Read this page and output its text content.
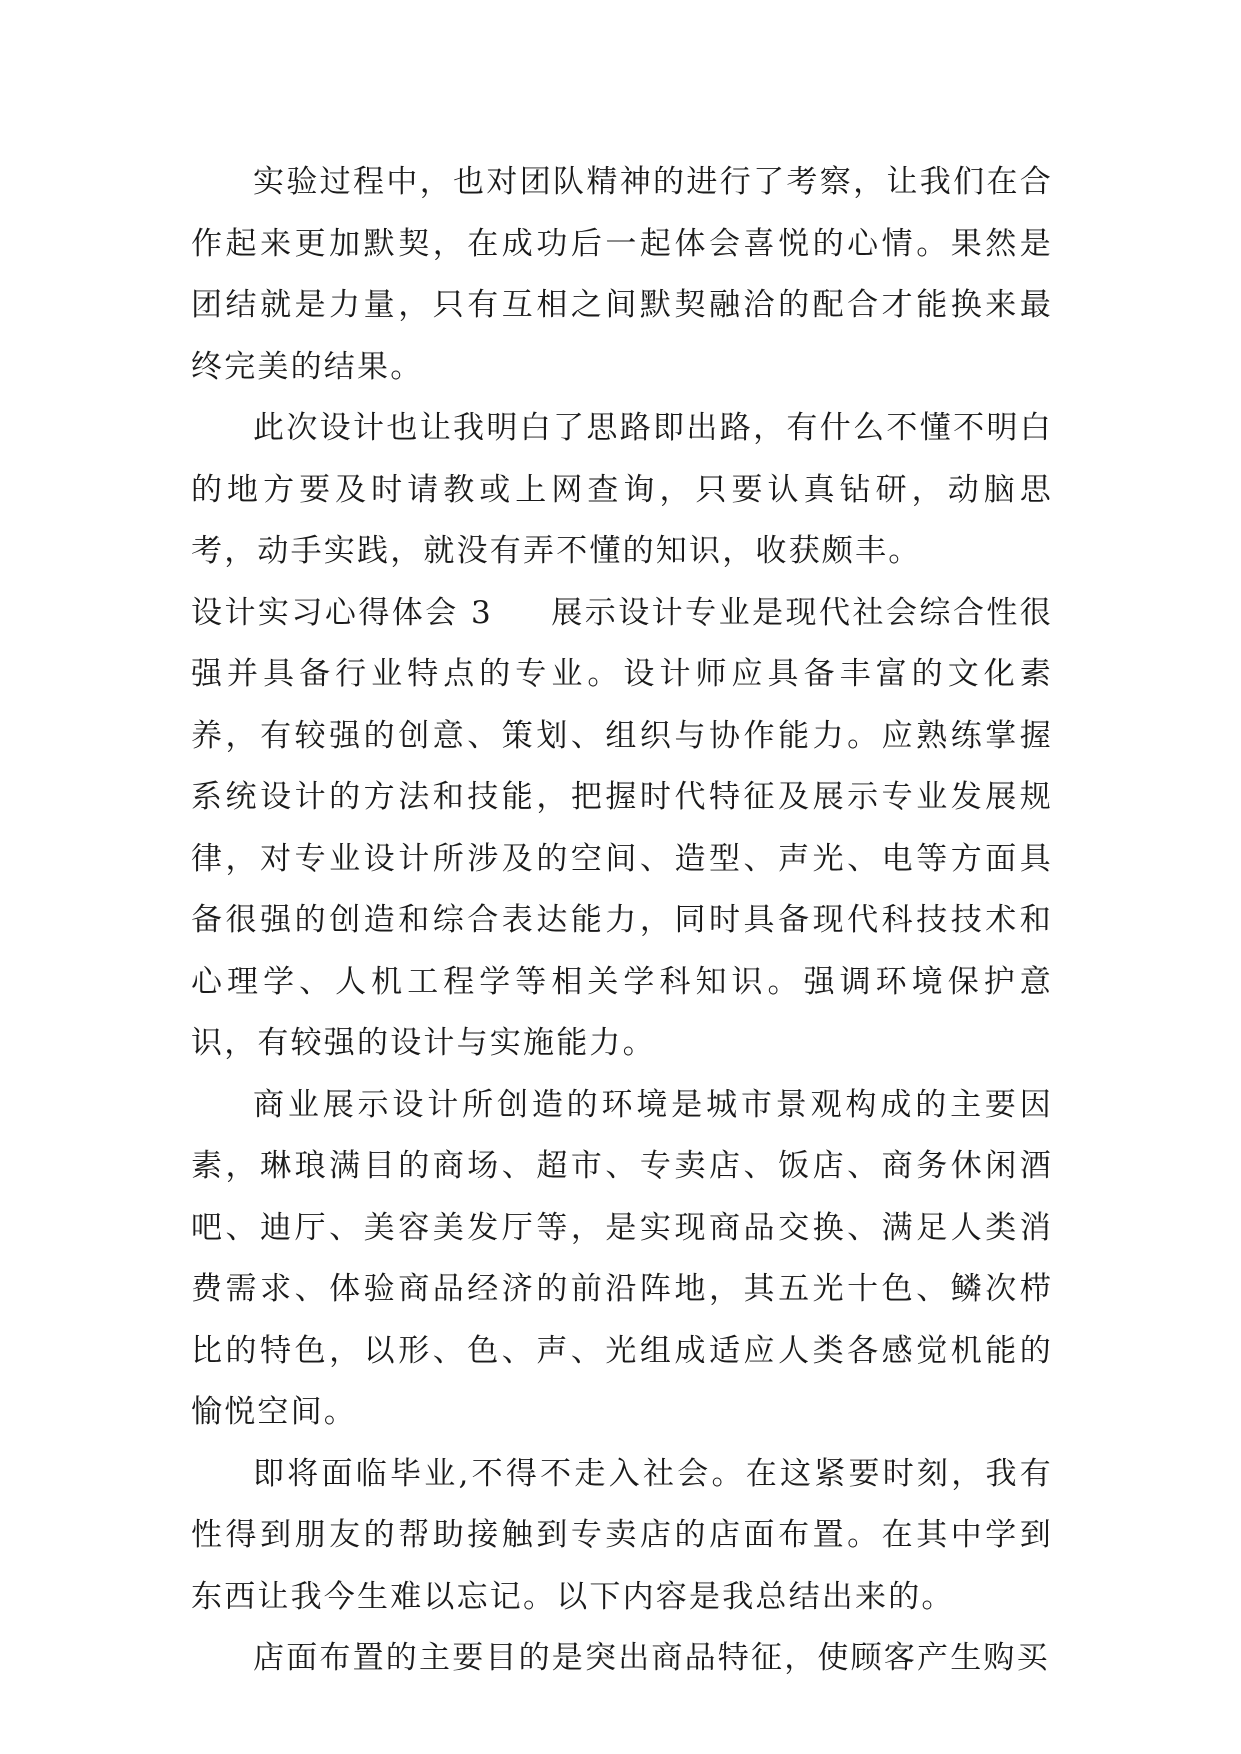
实验过程中，也对团队精神的进行了考察，让我们在合作起来更加默契，在成功后一起体会喜悦的心情。果然是团结就是力量，只有互相之间默契融洽的配合才能换来最终完美的结果。

此次设计也让我明白了思路即出路，有什么不懂不明白的地方要及时请教或上网查询，只要认真钻研，动脑思考，动手实践，就没有弄不懂的知识，收获颇丰。

设计实习心得体会 3 展示设计专业是现代社会综合性很强并具备行业特点的专业。设计师应具备丰富的文化素养，有较强的创意、策划、组织与协作能力。应熟练掌握系统设计的方法和技能，把握时代特征及展示专业发展规律，对专业设计所涉及的空间、造型、声光、电等方面具备很强的创造和综合表达能力，同时具备现代科技技术和心理学、人机工程学等相关学科知识。强调环境保护意识，有较强的设计与实施能力。

商业展示设计所创造的环境是城市景观构成的主要因素，琳琅满目的商场、超市、专卖店、饭店、商务休闲酒吧、迪厅、美容美发厅等，是实现商品交换、满足人类消费需求、体验商品经济的前沿阵地，其五光十色、鳞次栉比的特色，以形、色、声、光组成适应人类各感觉机能的愉悦空间。

即将面临毕业,不得不走入社会。在这紧要时刻，我有性得到朋友的帮助接触到专卖店的店面布置。在其中学到东西让我今生难以忘记。以下内容是我总结出来的。

店面布置的主要目的是突出商品特征，使顾客产生购买
